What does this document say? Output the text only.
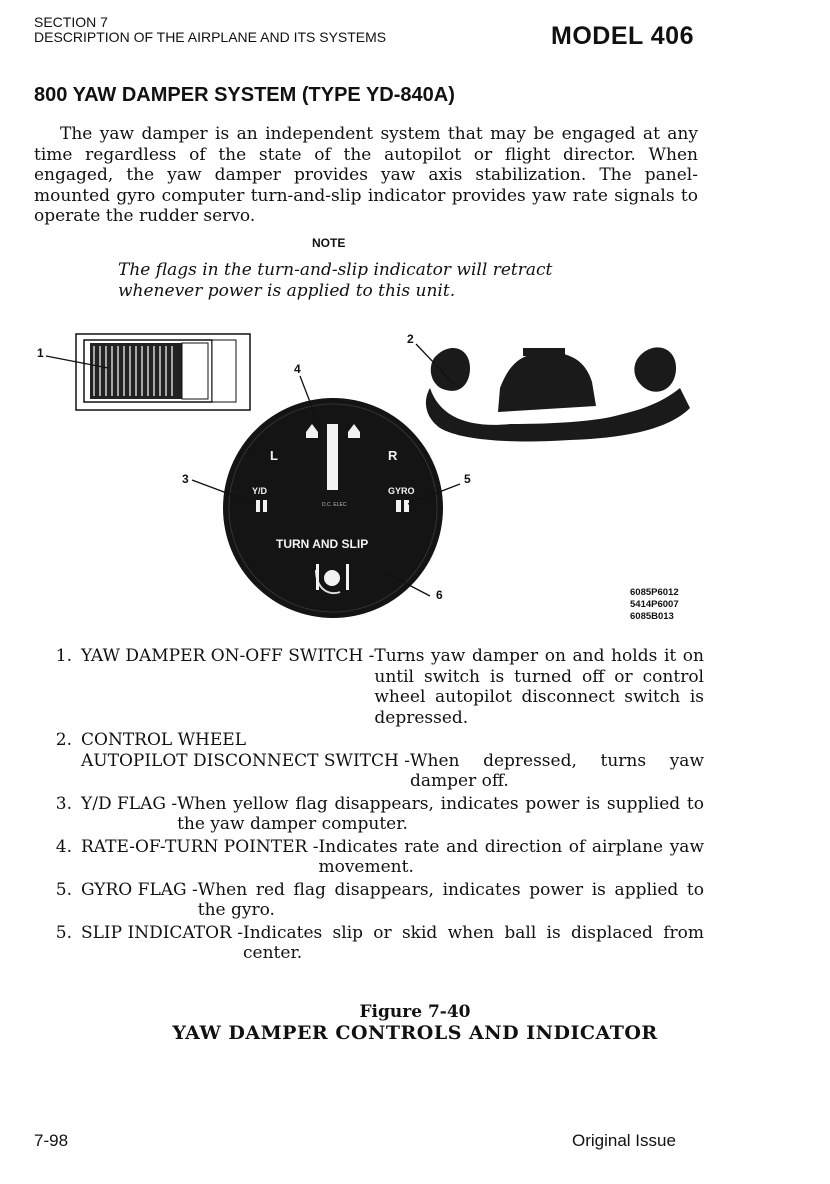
SECTION 7
DESCRIPTION OF THE AIRPLANE AND ITS SYSTEMS	MODEL 406
800 YAW DAMPER SYSTEM (TYPE YD-840A)
The yaw damper is an independent system that may be engaged at any time regardless of the state of the autopilot or flight director. When engaged, the yaw damper provides yaw axis stabilization. The panel-mounted gyro computer turn-and-slip indicator provides yaw rate signals to operate the rudder servo.
NOTE
The flags in the turn-and-slip indicator will retract whenever power is applied to this unit.
L	R
Y/D	GYRO
D.C. ELEC
TURN AND SLIP
1
2
3
4
5
6	6085P6012
5414P6007
6085B013
1. YAW DAMPER ON-OFF SWITCH - Turns yaw damper on and holds it on until switch is turned off or control wheel autopilot disconnect switch is depressed.
2. CONTROL WHEEL
AUTOPILOT DISCONNECT SWITCH - When depressed, turns yaw damper off.
3. Y/D FLAG - When yellow flag disappears, indicates power is supplied to the yaw damper computer.
4. RATE-OF-TURN POINTER - Indicates rate and direction of airplane yaw movement.
5. GYRO FLAG - When red flag disappears, indicates power is applied to the gyro.
5. SLIP INDICATOR - Indicates slip or skid when ball is displaced from center.
Figure 7-40
YAW DAMPER CONTROLS AND INDICATOR
7-98	Original Issue
